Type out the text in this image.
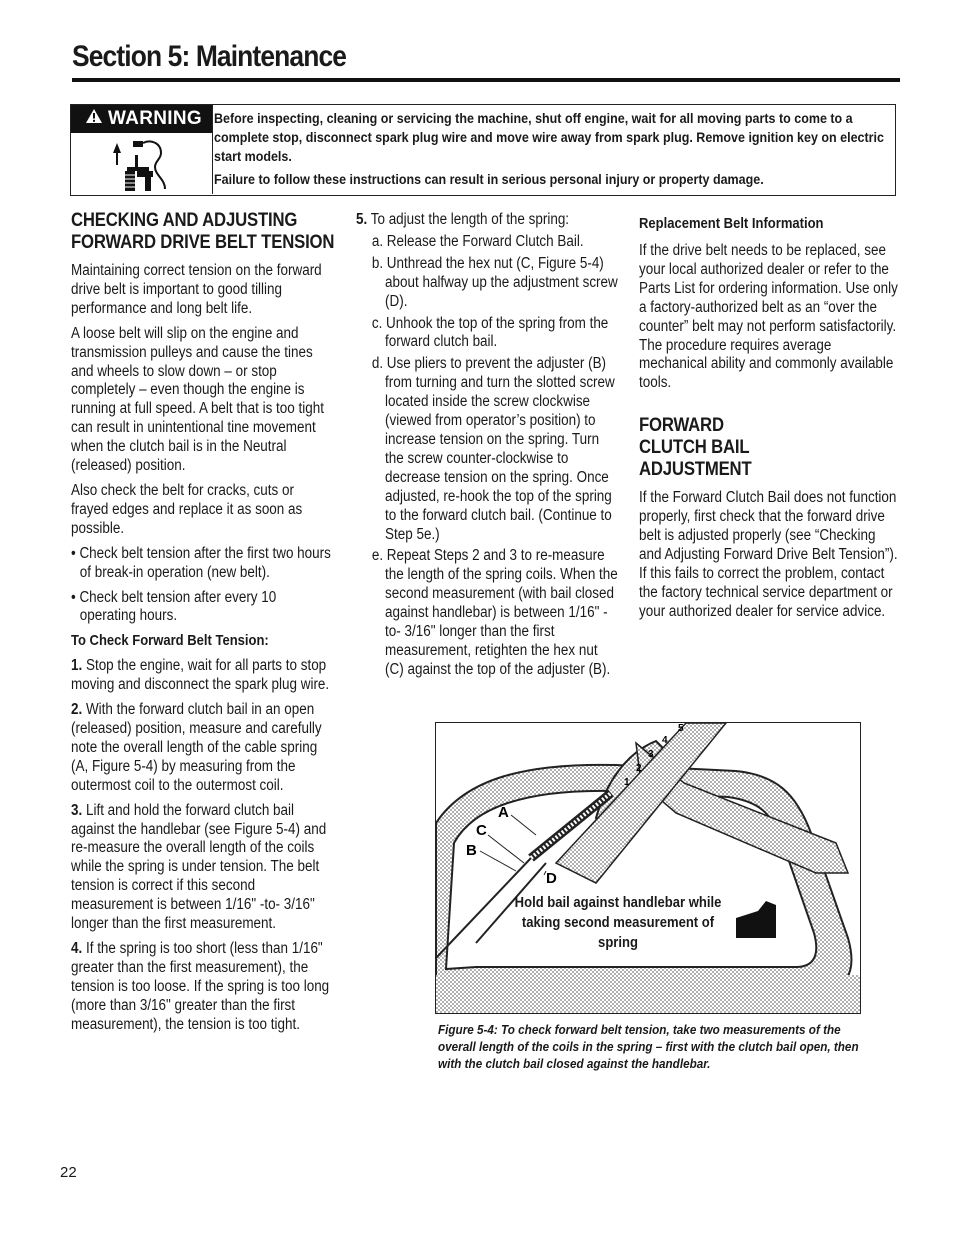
Section 5: Maintenance
WARNING Before inspecting, cleaning or servicing the machine, shut off engine, wait for all moving parts to come to a complete stop, disconnect spark plug wire and move wire away from spark plug. Remove ignition key on electric start models.

Failure to follow these instructions can result in serious personal injury or property damage.

CHECKING AND ADJUSTING FORWARD DRIVE BELT TENSION

Maintaining correct tension on the forward drive belt is important to good tilling performance and long belt life.

A loose belt will slip on the engine and transmission pulleys and cause the tines and wheels to slow down – or stop completely – even though the engine is running at full speed. A belt that is too tight can result in unintentional tine movement when the clutch bail is in the Neutral (released) position.

Also check the belt for cracks, cuts or frayed edges and replace it as soon as possible.

• Check belt tension after the first two hours of break-in operation (new belt).

• Check belt tension after every 10 operating hours.

To Check Forward Belt Tension:

1. Stop the engine, wait for all parts to stop moving and disconnect the spark plug wire.

2. With the forward clutch bail in an open (released) position, measure and carefully note the overall length of the cable spring (A, Figure 5-4) by measuring from the outermost coil to the outermost coil.

3. Lift and hold the forward clutch bail against the handlebar (see Figure 5-4) and re-measure the overall length of the coils while the spring is under tension. The belt tension is correct if this second measurement is between 1/16" -to- 3/16" longer than the first measurement.

4. If the spring is too short (less than 1/16" greater than the first measurement), the tension is too loose. If the spring is too long (more than 3/16" greater than the first measurement), the tension is too tight.

5. To adjust the length of the spring:

a. Release the Forward Clutch Bail.
b. Unthread the hex nut (C, Figure 5-4) about halfway up the adjustment screw (D).
c. Unhook the top of the spring from the forward clutch bail.
d. Use pliers to prevent the adjuster (B) from turning and turn the slotted screw located inside the screw clockwise (viewed from operator’s position) to increase tension on the spring. Turn the screw counter-clockwise to decrease tension on the spring. Once adjusted, re-hook the top of the spring to the forward clutch bail. (Continue to Step 5e.)
e. Repeat Steps 2 and 3 to re-measure the length of the spring coils. When the second measurement (with bail closed against handlebar) is between 1/16" -to- 3/16" longer than the first measurement, retighten the hex nut (C) against the top of the adjuster (B).
Replacement Belt Information

If the drive belt needs to be replaced, see your local authorized dealer or refer to the Parts List for ordering information. Use only a factory-authorized belt as an “over the counter” belt may not perform satisfactorily. The procedure requires average mechanical ability and commonly available tools.

FORWARD CLUTCH BAIL ADJUSTMENT

If the Forward Clutch Bail does not function properly, first check that the forward drive belt is adjusted properly (see “Checking and Adjusting Forward Drive Belt Tension”). If this fails to correct the problem, contact the factory technical service department or your authorized dealer for service advice.

A
C
B
D
1
2
3
4
5
Hold bail against handlebar while taking second measurement of spring
Figure 5-4: To check forward belt tension, take two measurements of the overall length of the coils in the spring – first with the clutch bail open, then with the clutch bail closed against the handlebar.
22
